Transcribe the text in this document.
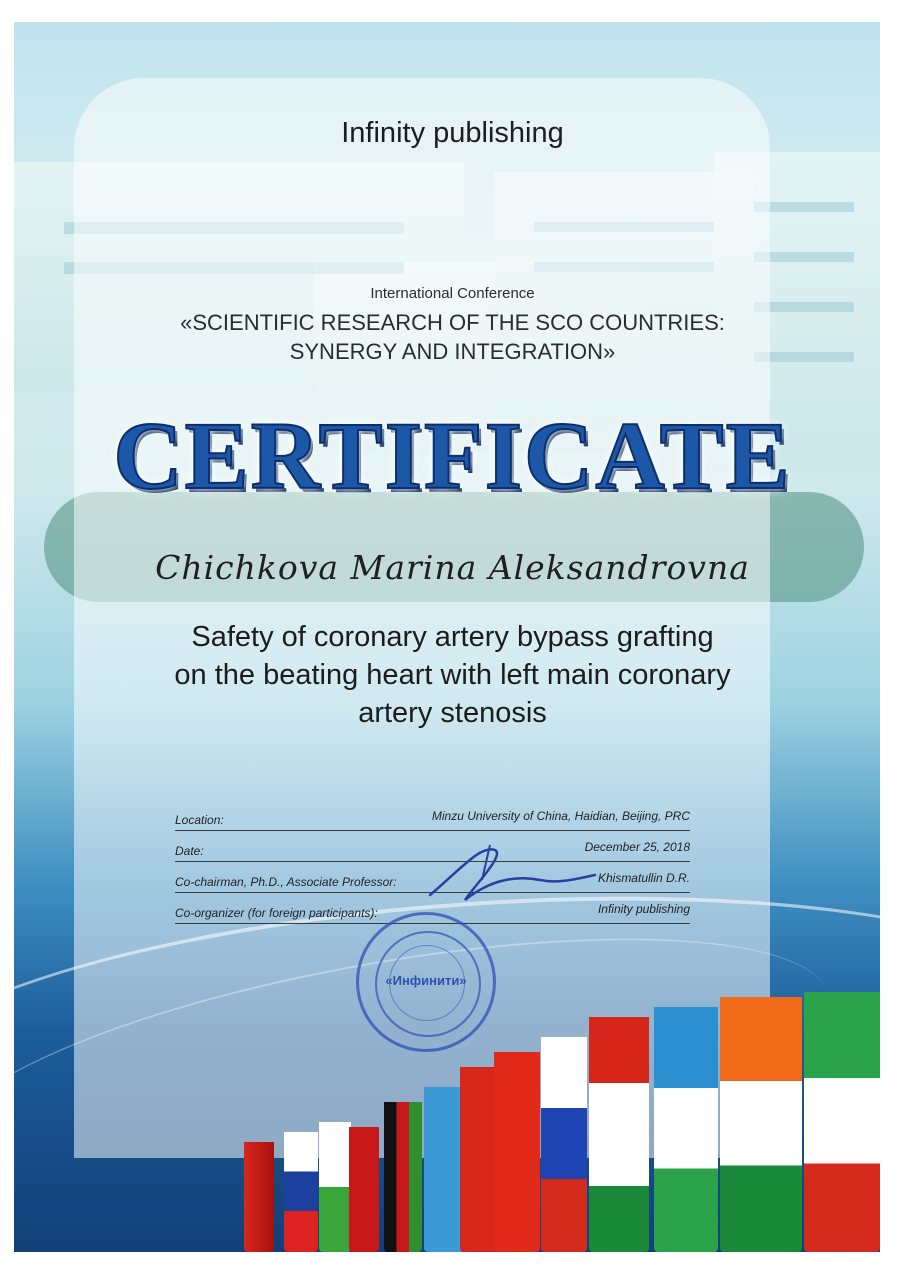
Infinity publishing
International Conference
«SCIENTIFIC RESEARCH OF THE SCO COUNTRIES:
SYNERGY AND INTEGRATION»
CERTIFICATE
Chichkova Marina Aleksandrovna
Safety of coronary artery bypass grafting
on the beating heart with left main coronary
artery stenosis
Location:	Minzu University of China, Haidian, Beijing, PRC
Date:	December 25, 2018
Co-chairman, Ph.D., Associate Professor:	Khismatullin D.R.
Co-organizer (for foreign participants):	Infinity publishing
«Инфинити»
